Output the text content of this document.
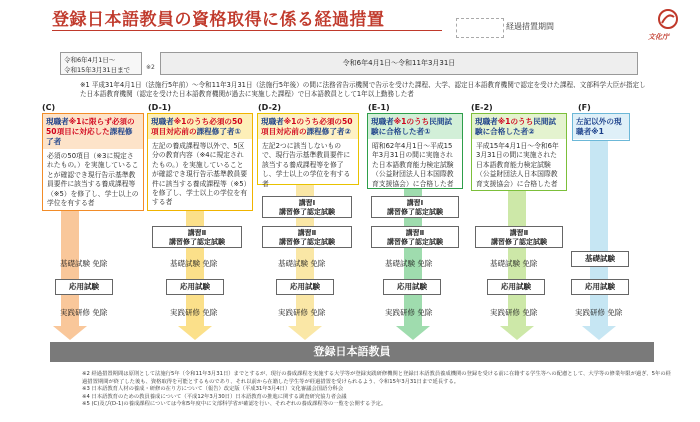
登録日本語教員の資格取得に係る経過措置	経過措置期間
文化庁
令和6年4月1日～
令和15年3月31日まで	※2
令和6年4月1日～令和11年3月31日
※1 平成31年4月1日（法施行5年前）～令和11年3月31日（法施行5年後）の間に法務省告示機関で告示を受けた課程、大学、認定日本語教育機関で認定を受けた課程、文部科学大臣が指定した日本語教育機関（認定を受けた日本語教育機関が過去に実施した課程）で日本語教員として1年以上勤務した者
(C)	(D-1)	(D-2)	(E-1)	(E-2)	(F)
現職者※1に限らず必須の50項目に対応した課程修了者
必須の50項目（※3に規定されたもの。）を実施していることが確認でき現行告示基準教員要件に該当する養成課程等（※5）を修了し、学士以上の学位を有する者
現職者※1のうち必須の50項目対応前の課程修了者①
左記の養成課程等以外で、5区分の教育内容（※4に規定されたもの。）を実施していることが確認でき現行告示基準教員要件に該当する養成課程等（※5）を修了し、学士以上の学位を有する者
現職者※1のうち必須の50項目対応前の課程修了者②
左記2つに該当しないもので、現行告示基準教員要件に該当する養成課程等を修了し、学士以上の学位を有する者
現職者※1のうち民間試験に合格した者①
昭和62年4月1日～平成15年3月31日の間に実施された日本語教育能力検定試験（公益財団法人日本国際教育支援協会）に合格した者
現職者※1のうち民間試験に合格した者②
平成15年4月1日～令和6年3月31日の間に実施された日本語教育能力検定試験（公益財団法人日本国際教育支援協会）に合格した者
左記以外の現職者※1
講習Ⅰ
講習修了認定試験
講習Ⅰ
講習修了認定試験
講習Ⅱ
講習修了認定試験
講習Ⅱ
講習修了認定試験
講習Ⅱ
講習修了認定試験
講習Ⅱ
講習修了認定試験
基礎試験 免除	基礎試験 免除	基礎試験 免除	基礎試験 免除	基礎試験 免除
基礎試験
応用試験	応用試験	応用試験	応用試験	応用試験	応用試験
実践研修 免除	実践研修 免除	実践研修 免除	実践研修 免除	実践研修 免除	実践研修 免除
登録日本語教員
※2 経過措置期間は原則として法施行5年（令和11年3月31日）までとするが、現行の養成課程を実施する大学等が登録実践研修機関と登録日本語教員養成機関の登録を受ける前に在籍する学生等への配慮として、大学等の修業年限が過ぎ、5年の経過措置期間が終了した後も、資格取得を可能とするものであり、それ以前から在籍した学生等が経過措置を受けられるよう、令和15年3月31日まで延長する。
※3 日本語教育人材の養成・研修の在り方について（報告）改定版（平成31年3月4日）文化審議会国語分科会
※4 日本語教育のための教員養成について（平成12年3月30日）日本語教育の推進に関する調査研究協力者会議
※5 (C)及び(D-1)の養成課程については今和5年度中に文部科学省が確認を行い、それぞれの養成課程等の一覧を公開する予定。
